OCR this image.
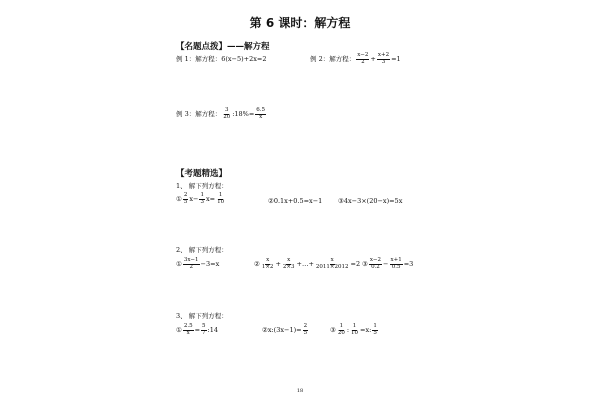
第 6 课时：解方程
【名题点拨】——解方程
例 1：解方程： 6(x−5)+2x=2	例 2：解方程： $\frac{x-2}{2} + \frac{x+2}{3} =1$
例 3：解方程： $\frac{3}{20}$ :18%= $\frac{6.5}{x}$
【考题精选】
1、 解下列方程：
① $\frac{2}{5} x- \frac{1}{3} x= \frac{1}{10}$	②0.1x+0.5=x−1 ③4x−3×(20−x)=5x
2、 解下列方程：
① $\frac{3x-1}{2} -3=x$	② $\frac{x}{1\times 2} + \frac{x}{2\times 3}$ +…+ $\frac{x}{2011\times 2012} =2$ ③ $\frac{x-2}{0.2} - \frac{x+1}{0.5} =3$
3、 解下列方程：
① $\frac{2.5}{x} = \frac{5}{7}$ :14	② x:(3x−1)= $\frac{2}{5}$	③ $\frac{1}{20}$ : $\frac{1}{10} =x$: $\frac{1}{5}$
18
